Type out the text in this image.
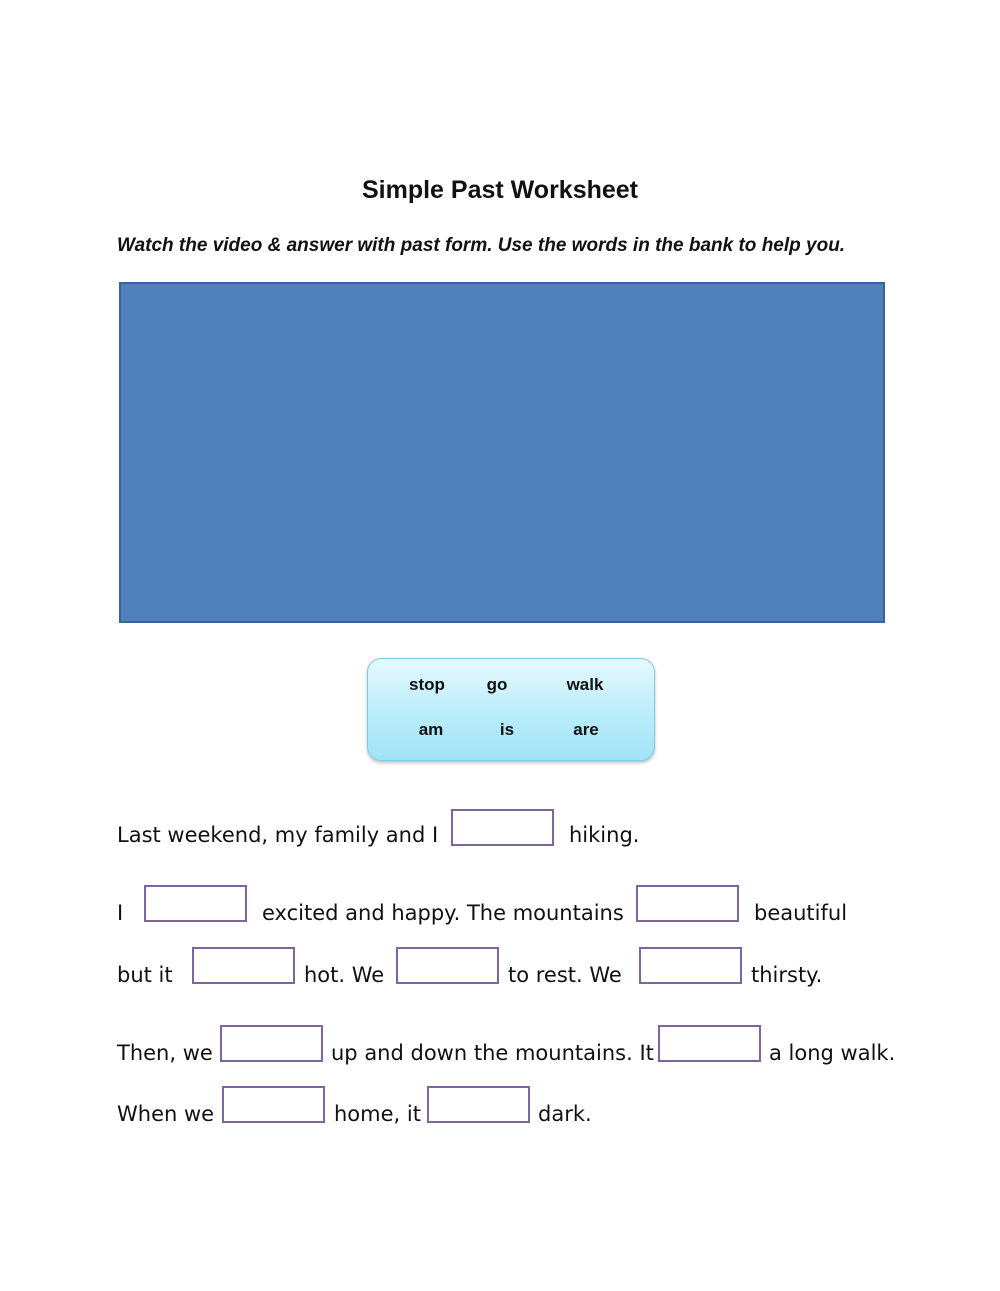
Simple Past Worksheet
Watch the video & answer with past form. Use the words in the bank to help you.
stop go	walk
am	is	are
Last weekend, my family and I	hiking.
I	excited and happy. The mountains	beautiful
but it	hot. We	to rest. We	thirsty.
Then, we	up and down the mountains. It	a long walk.
When we	home, it	dark.
